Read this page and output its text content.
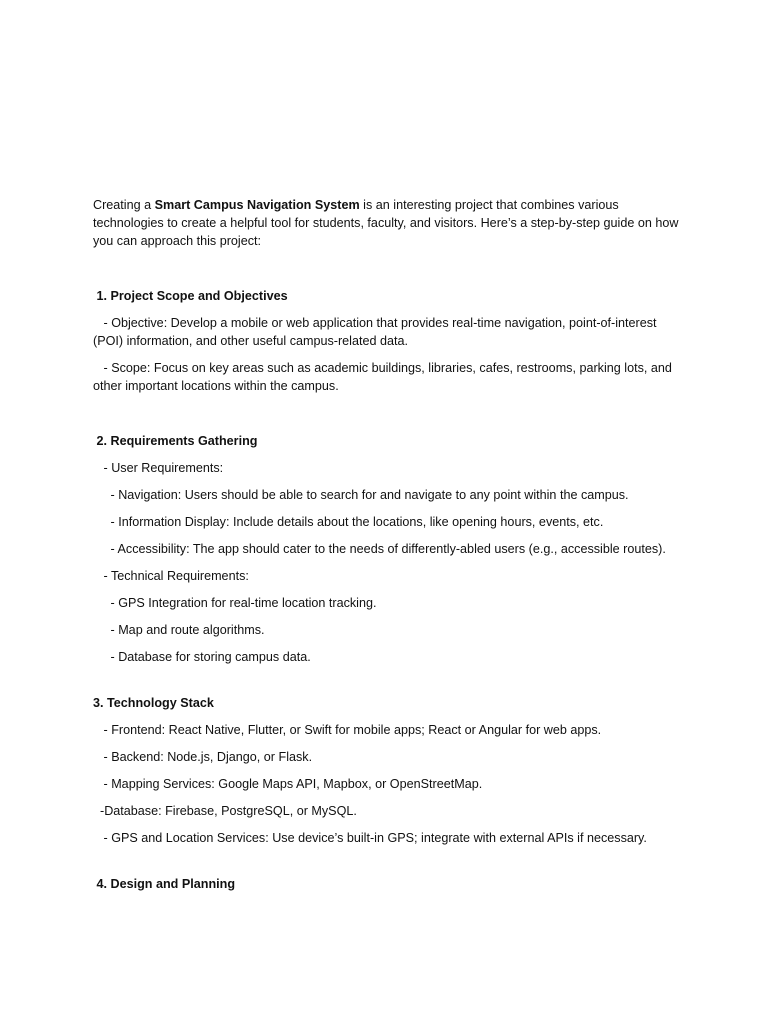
Creating a Smart Campus Navigation System is an interesting project that combines various technologies to create a helpful tool for students, faculty, and visitors. Here’s a step-by-step guide on how you can approach this project:

1. Project Scope and Objectives

- Objective: Develop a mobile or web application that provides real-time navigation, point-of-interest (POI) information, and other useful campus-related data.

- Scope: Focus on key areas such as academic buildings, libraries, cafes, restrooms, parking lots, and other important locations within the campus.

2. Requirements Gathering

- User Requirements:

- Navigation: Users should be able to search for and navigate to any point within the campus.

- Information Display: Include details about the locations, like opening hours, events, etc.

- Accessibility: The app should cater to the needs of differently-abled users (e.g., accessible routes).

- Technical Requirements:

- GPS Integration for real-time location tracking.

- Map and route algorithms.

- Database for storing campus data.

3. Technology Stack

- Frontend: React Native, Flutter, or Swift for mobile apps; React or Angular for web apps.

- Backend: Node.js, Django, or Flask.

- Mapping Services: Google Maps API, Mapbox, or OpenStreetMap.

-Database: Firebase, PostgreSQL, or MySQL.

- GPS and Location Services: Use device’s built-in GPS; integrate with external APIs if necessary.

4. Design and Planning
